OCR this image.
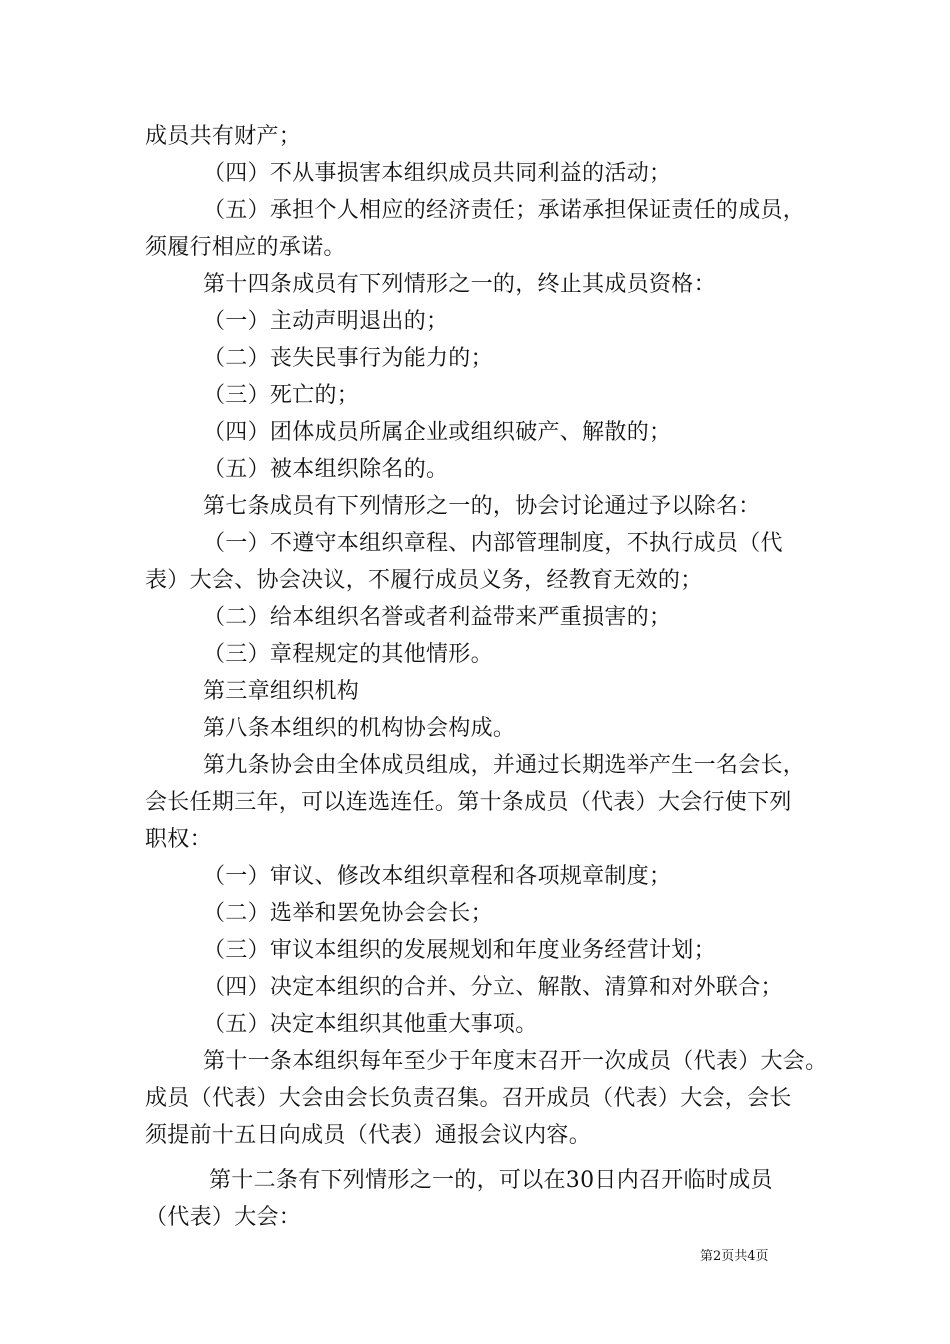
成员共有财产；
（四）不从事损害本组织成员共同利益的活动；
（五）承担个人相应的经济责任；承诺承担保证责任的成员，
须履行相应的承诺。
第十四条成员有下列情形之一的，终止其成员资格：
（一）主动声明退出的；
（二）丧失民事行为能力的；
（三）死亡的；
（四）团体成员所属企业或组织破产、解散的；
（五）被本组织除名的。
第七条成员有下列情形之一的，协会讨论通过予以除名：
（一）不遵守本组织章程、内部管理制度，不执行成员（代
表）大会、协会决议，不履行成员义务，经教育无效的；
（二）给本组织名誉或者利益带来严重损害的；
（三）章程规定的其他情形。
第三章组织机构
第八条本组织的机构协会构成。
第九条协会由全体成员组成，并通过长期选举产生一名会长，
会长任期三年，可以连选连任。第十条成员（代表）大会行使下列
职权：
（一）审议、修改本组织章程和各项规章制度；
（二）选举和罢免协会会长；
（三）审议本组织的发展规划和年度业务经营计划；
（四）决定本组织的合并、分立、解散、清算和对外联合；
（五）决定本组织其他重大事项。
第十一条本组织每年至少于年度末召开一次成员（代表）大会。
成员（代表）大会由会长负责召集。召开成员（代表）大会，会长
须提前十五日向成员（代表）通报会议内容。
第十二条有下列情形之一的，可以在30日内召开临时成员
（代表）大会：
第2页共4页
